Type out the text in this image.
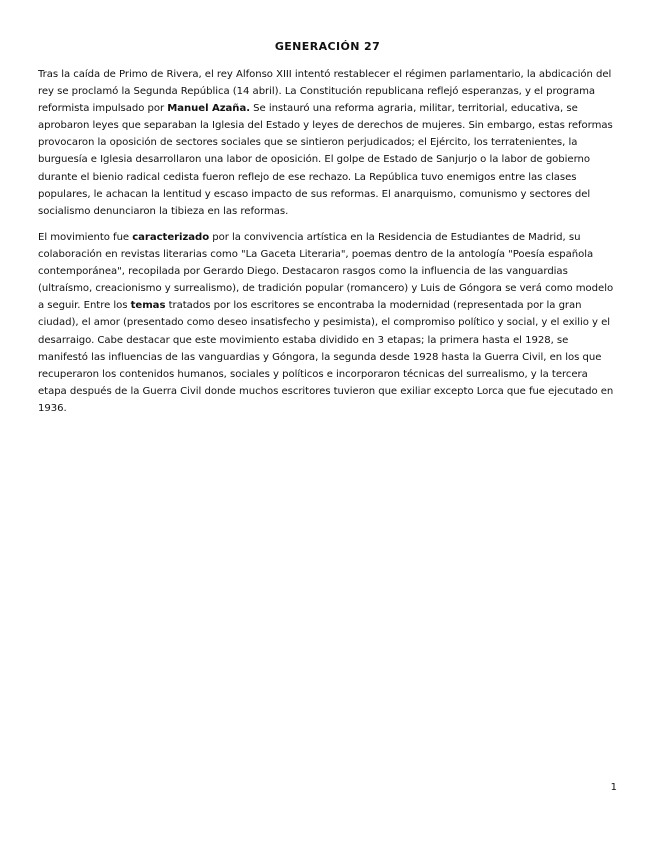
GENERACIÓN 27

Tras la caída de Primo de Rivera, el rey Alfonso XIII intentó restablecer el régimen parlamentario, la abdicación del rey se proclamó la Segunda República (14 abril). La Constitución republicana reflejó esperanzas, y el programa reformista impulsado por Manuel Azaña. Se instauró una reforma agraria, militar, territorial, educativa, se aprobaron leyes que separaban la Iglesia del Estado y leyes de derechos de mujeres. Sin embargo, estas reformas provocaron la oposición de sectores sociales que se sintieron perjudicados; el Ejército, los terratenientes, la burguesía e Iglesia desarrollaron una labor de oposición. El golpe de Estado de Sanjurjo o la labor de gobierno durante el bienio radical cedista fueron reflejo de ese rechazo. La República tuvo enemigos entre las clases populares, le achacan la lentitud y escaso impacto de sus reformas. El anarquismo, comunismo y sectores del socialismo denunciaron la tibieza en las reformas.

El movimiento fue caracterizado por la convivencia artística en la Residencia de Estudiantes de Madrid, su colaboración en revistas literarias como "La Gaceta Literaria", poemas dentro de la antología "Poesía española contemporánea", recopilada por Gerardo Diego. Destacaron rasgos como la influencia de las vanguardias (ultraísmo, creacionismo y surrealismo), de tradición popular (romancero) y Luis de Góngora se verá como modelo a seguir. Entre los temas tratados por los escritores se encontraba la modernidad (representada por la gran ciudad), el amor (presentado como deseo insatisfecho y pesimista), el compromiso político y social, y el exilio y el desarraigo. Cabe destacar que este movimiento estaba dividido en 3 etapas; la primera hasta el 1928, se manifestó las influencias de las vanguardias y Góngora, la segunda desde 1928 hasta la Guerra Civil, en los que recuperaron los contenidos humanos, sociales y políticos e incorporaron técnicas del surrealismo, y la tercera etapa después de la Guerra Civil donde muchos escritores tuvieron que exiliar excepto Lorca que fue ejecutado en 1936.

1
